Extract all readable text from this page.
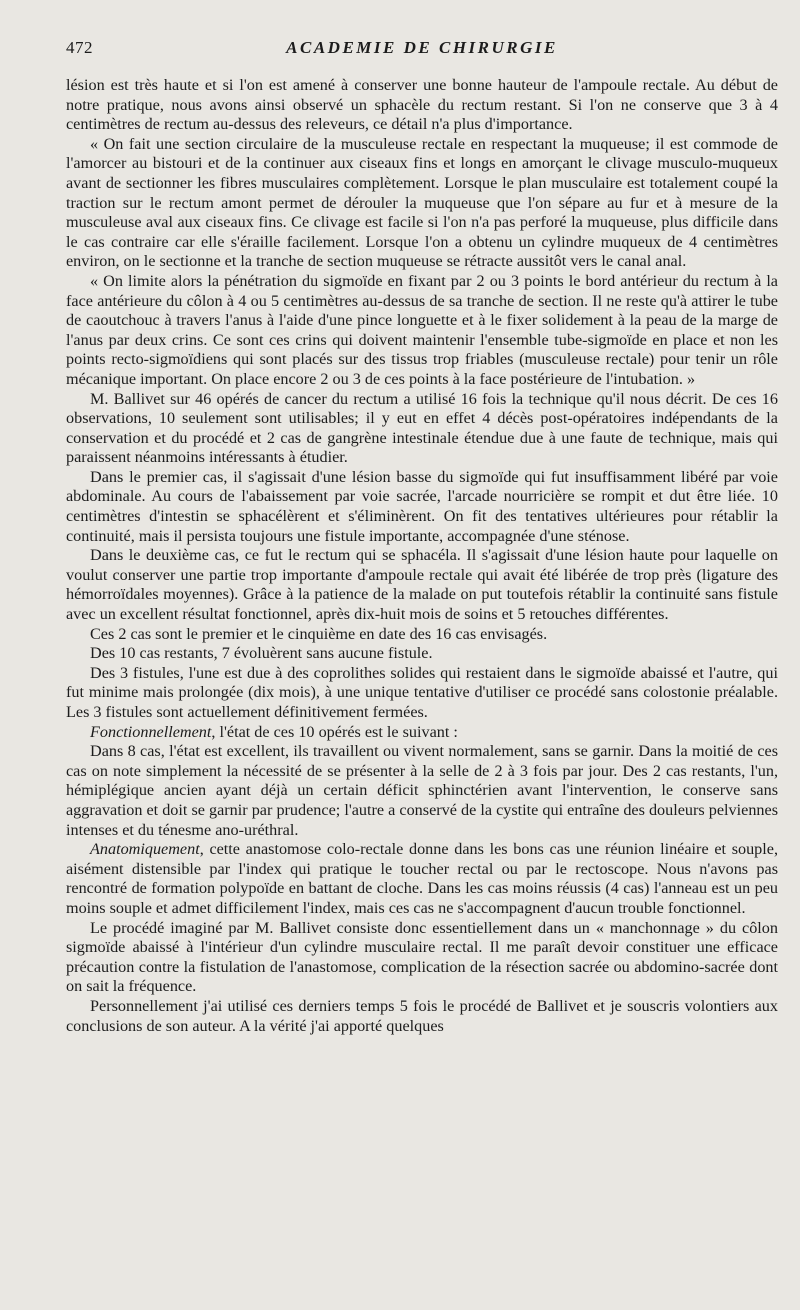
472	ACADEMIE DE CHIRURGIE

lésion est très haute et si l'on est amené à conserver une bonne hauteur de l'ampoule rectale. Au début de notre pratique, nous avons ainsi observé un sphacèle du rectum restant. Si l'on ne conserve que 3 à 4 centimètres de rectum au-dessus des releveurs, ce détail n'a plus d'importance.

« On fait une section circulaire de la musculeuse rectale en respectant la muqueuse; il est commode de l'amorcer au bistouri et de la continuer aux ciseaux fins et longs en amorçant le clivage musculo-muqueux avant de sectionner les fibres musculaires complètement. Lorsque le plan musculaire est totalement coupé la traction sur le rectum amont permet de dérouler la muqueuse que l'on sépare au fur et à mesure de la musculeuse aval aux ciseaux fins. Ce clivage est facile si l'on n'a pas perforé la muqueuse, plus difficile dans le cas contraire car elle s'éraille facilement. Lorsque l'on a obtenu un cylindre muqueux de 4 centimètres environ, on le sectionne et la tranche de section muqueuse se rétracte aussitôt vers le canal anal.

« On limite alors la pénétration du sigmoïde en fixant par 2 ou 3 points le bord antérieur du rectum à la face antérieure du côlon à 4 ou 5 centimètres au-dessus de sa tranche de section. Il ne reste qu'à attirer le tube de caoutchouc à travers l'anus à l'aide d'une pince longuette et à le fixer solidement à la peau de la marge de l'anus par deux crins. Ce sont ces crins qui doivent maintenir l'ensemble tube-sigmoïde en place et non les points recto-sigmoïdiens qui sont placés sur des tissus trop friables (musculeuse rectale) pour tenir un rôle mécanique important. On place encore 2 ou 3 de ces points à la face postérieure de l'intubation. »

M. Ballivet sur 46 opérés de cancer du rectum a utilisé 16 fois la technique qu'il nous décrit. De ces 16 observations, 10 seulement sont utilisables; il y eut en effet 4 décès post-opératoires indépendants de la conservation et du procédé et 2 cas de gangrène intestinale étendue due à une faute de technique, mais qui paraissent néanmoins intéressants à étudier.

Dans le premier cas, il s'agissait d'une lésion basse du sigmoïde qui fut insuffisamment libéré par voie abdominale. Au cours de l'abaissement par voie sacrée, l'arcade nourricière se rompit et dut être liée. 10 centimètres d'intestin se sphacélèrent et s'éliminèrent. On fit des tentatives ultérieures pour rétablir la continuité, mais il persista toujours une fistule importante, accompagnée d'une sténose.

Dans le deuxième cas, ce fut le rectum qui se sphacéla. Il s'agissait d'une lésion haute pour laquelle on voulut conserver une partie trop importante d'ampoule rectale qui avait été libérée de trop près (ligature des hémorroïdales moyennes). Grâce à la patience de la malade on put toutefois rétablir la continuité sans fistule avec un excellent résultat fonctionnel, après dix-huit mois de soins et 5 retouches différentes.

Ces 2 cas sont le premier et le cinquième en date des 16 cas envisagés.

Des 10 cas restants, 7 évoluèrent sans aucune fistule.

Des 3 fistules, l'une est due à des coprolithes solides qui restaient dans le sigmoïde abaissé et l'autre, qui fut minime mais prolongée (dix mois), à une unique tentative d'utiliser ce procédé sans colostonie préalable. Les 3 fistules sont actuellement définitivement fermées.

Fonctionnellement, l'état de ces 10 opérés est le suivant :

Dans 8 cas, l'état est excellent, ils travaillent ou vivent normalement, sans se garnir. Dans la moitié de ces cas on note simplement la nécessité de se présenter à la selle de 2 à 3 fois par jour. Des 2 cas restants, l'un, hémiplégique ancien ayant déjà un certain déficit sphinctérien avant l'intervention, le conserve sans aggravation et doit se garnir par prudence; l'autre a conservé de la cystite qui entraîne des douleurs pelviennes intenses et du ténesme ano-uréthral.

Anatomiquement, cette anastomose colo-rectale donne dans les bons cas une réunion linéaire et souple, aisément distensible par l'index qui pratique le toucher rectal ou par le rectoscope. Nous n'avons pas rencontré de formation polypoïde en battant de cloche. Dans les cas moins réussis (4 cas) l'anneau est un peu moins souple et admet difficilement l'index, mais ces cas ne s'accompagnent d'aucun trouble fonctionnel.

Le procédé imaginé par M. Ballivet consiste donc essentiellement dans un « manchonnage » du côlon sigmoïde abaissé à l'intérieur d'un cylindre musculaire rectal. Il me paraît devoir constituer une efficace précaution contre la fistulation de l'anastomose, complication de la résection sacrée ou abdomino-sacrée dont on sait la fréquence.

Personnellement j'ai utilisé ces derniers temps 5 fois le procédé de Ballivet et je souscris volontiers aux conclusions de son auteur. A la vérité j'ai apporté quelques
